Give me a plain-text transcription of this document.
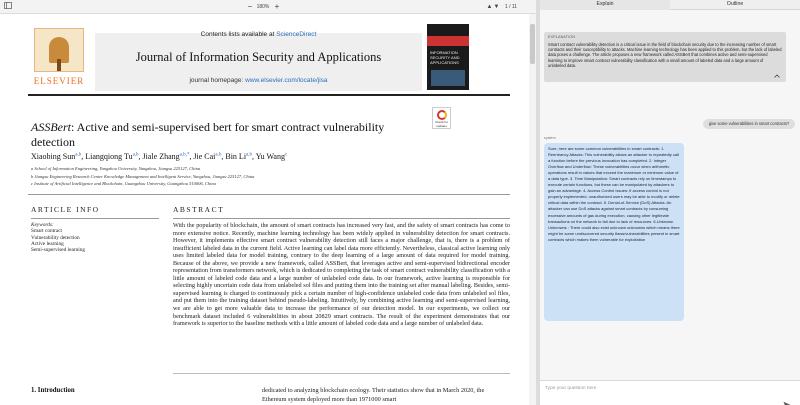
− 180% +	▲ ▼	1 / 11
ELSEVIER
Contents lists available at ScienceDirect
Journal of Information Security and Applications
journal homepage: www.elsevier.com/locate/jisa
INFORMATION SECURITY AND APPLICATIONS
Check for updates
ASSBert: Active and semi-supervised bert for smart contract vulnerability detection
Xiaobing Sun$^{a,b}$, Liangqiong Tu$^{a,b}$, Jiale Zhang$^{a,b,*}$, Jie Cai$^{a,b}$, Bin Li$^{a,b}$, Yu Wang$^c$
a School of Information Engineering, Yangzhou University, Yangzhou, Jiangsu 225127, China
b Jiangsu Engineering Research Center Knowledge Management and Intelligent Service, Yangzhou, Jiangsu 225127, China
c Institute of Artificial Intelligence and Blockchain, Guangzhou University, Guangzhou 510006, China
ARTICLE INFO	ABSTRACT
Keywords:
Smart contract
Vulnerability detection
Active learning
Semi-supervised learning
With the popularity of blockchain, the amount of smart contracts has increased very fast, and the safety of smart contracts has come to more extensive notice. Recently, machine learning technology has been widely applied in vulnerability detection for smart contracts. However, it implements effective smart contract vulnerability detection still faces a major challenge, that is, there is a problem of insufficient labeled data in the current field. Active learning can label data more efficiently. Nevertheless, classical active learning only uses limited labeled data for model training, contrary to the deep learning of a large amount of data required for model training. Because of the above, we provide a new framework, called ASSBert, that leverages active and semi-supervised bidirectional encoder representation from transformers network, which is dedicated to completing the task of smart contract vulnerability classification with a little amount of labeled code data and a large number of unlabeled code data. In our framework, active learning is responsible for selecting highly uncertain code data from unlabeled sol files and putting them into the training set after manual labeling. Besides, semi-supervised learning is charged to continuously pick a certain number of high-confidence unlabeled code data from unlabeled sol files, and put them into the training dataset behind pseudo-labeling. Intuitively, by combining active learning and semi-supervised learning, we are able to get more valuable data to increase the performance of our detection model. In our experiments, we collect our benchmark dataset included 6 vulnerabilities in about 20829 smart contracts. The result of the experiment demonstrates that our framework is superior to the baseline methods with a little amount of labeled code data and a large number of unlabeled data.
1. Introduction	dedicated to analyzing blockchain ecology. Their statistics show that in March 2020, the Ethereum system deployed more than 1971000 smart
Explain	Outline
EXPLANATION
Smart contract vulnerability detection is a critical issue in the field of blockchain security due to the increasing number of smart contracts and their susceptibility to attacks. Machine learning technology has been applied to this problem, but the lack of labeled data poses a challenge. The article proposes a new framework called ASSBert that combines active and semi-supervised learning to improve smart contract vulnerability classification with a small amount of labeled data and a large amount of unlabeled data.
give some vulnerabilities in smart contracts?
system
Sure, here are some common vulnerabilities in smart contracts: 1. Reentrancy Attacks: This vulnerability allows an attacker to repeatedly call a function before the previous invocation has completed. 2. Integer Overflow and Underflow: These vulnerabilities occur when arithmetic operations result in values that exceed the maximum or minimum value of a data type. 3. Time Manipulation: Smart contracts rely on timestamps to execute certain functions, but these can be manipulated by attackers to gain an advantage. 4. Access Control Issues: If access control is not properly implemented, unauthorized users may be able to modify or delete critical data within the contract. 5. Denial-of-Service (DoS) Attacks: An attacker can use DoS attacks against smart contracts by consuming excessive amounts of gas during execution, causing other legitimate transactions on the network to fail due to lack of resources. 6.Unknown Unknowns : There could also exist unknown unknowns which means there might be some undiscovered security flaws/vulnerabilities present in smart contracts which makes them vulnerable for exploitation
Type your question here
